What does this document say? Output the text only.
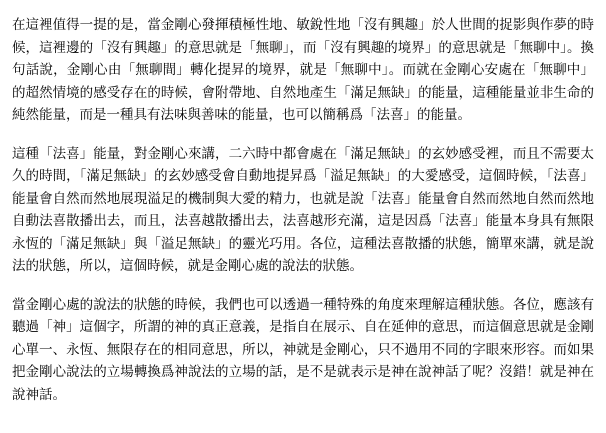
在這裡值得一提的是，當金剛心發揮積極性地、敏銳性地「沒有興趣」於人世間的捉影與作夢的時候，這裡邊的「沒有興趣」的意思就是「無聊」，而「沒有興趣的境界」的意思就是「無聊中」。換句話說，金剛心由「無聊間」轉化提昇的境界，就是「無聊中」。而就在金剛心安處在「無聊中」的超然情境的感受存在的時候，會附帶地、自然地產生「滿足無缺」的能量，這種能量並非生命的純然能量，而是一種具有法味與善味的能量，也可以簡稱爲「法喜」的能量。

這種「法喜」能量，對金剛心來講，二六時中都會處在「滿足無缺」的玄妙感受裡，而且不需要太久的時間，「滿足無缺」的玄妙感受會自動地提昇爲「溢足無缺」的大愛感受，這個時候，「法喜」能量會自然而然地展現溢足的機制與大愛的精力，也就是說「法喜」能量會自然而然地自然而然地自動法喜散播出去，而且，法喜越散播出去，法喜越形充滿，這是因爲「法喜」能量本身具有無限永恆的「滿足無缺」與「溢足無缺」的靈光巧用。各位，這種法喜散播的狀態，簡單來講，就是說法的狀態，所以，這個時候，就是金剛心處的說法的狀態。

當金剛心處的說法的狀態的時候，我們也可以透過一種特殊的角度來理解這種狀態。各位，應該有聽過「神」這個字，所謂的神的真正意義，是指自在展示、自在延伸的意思，而這個意思就是金剛心單一、永恆、無限存在的相同意思，所以，神就是金剛心，只不過用不同的字眼來形容。而如果把金剛心說法的立場轉換爲神說法的立場的話，是不是就表示是神在說神話了呢？沒錯！就是神在說神話。
